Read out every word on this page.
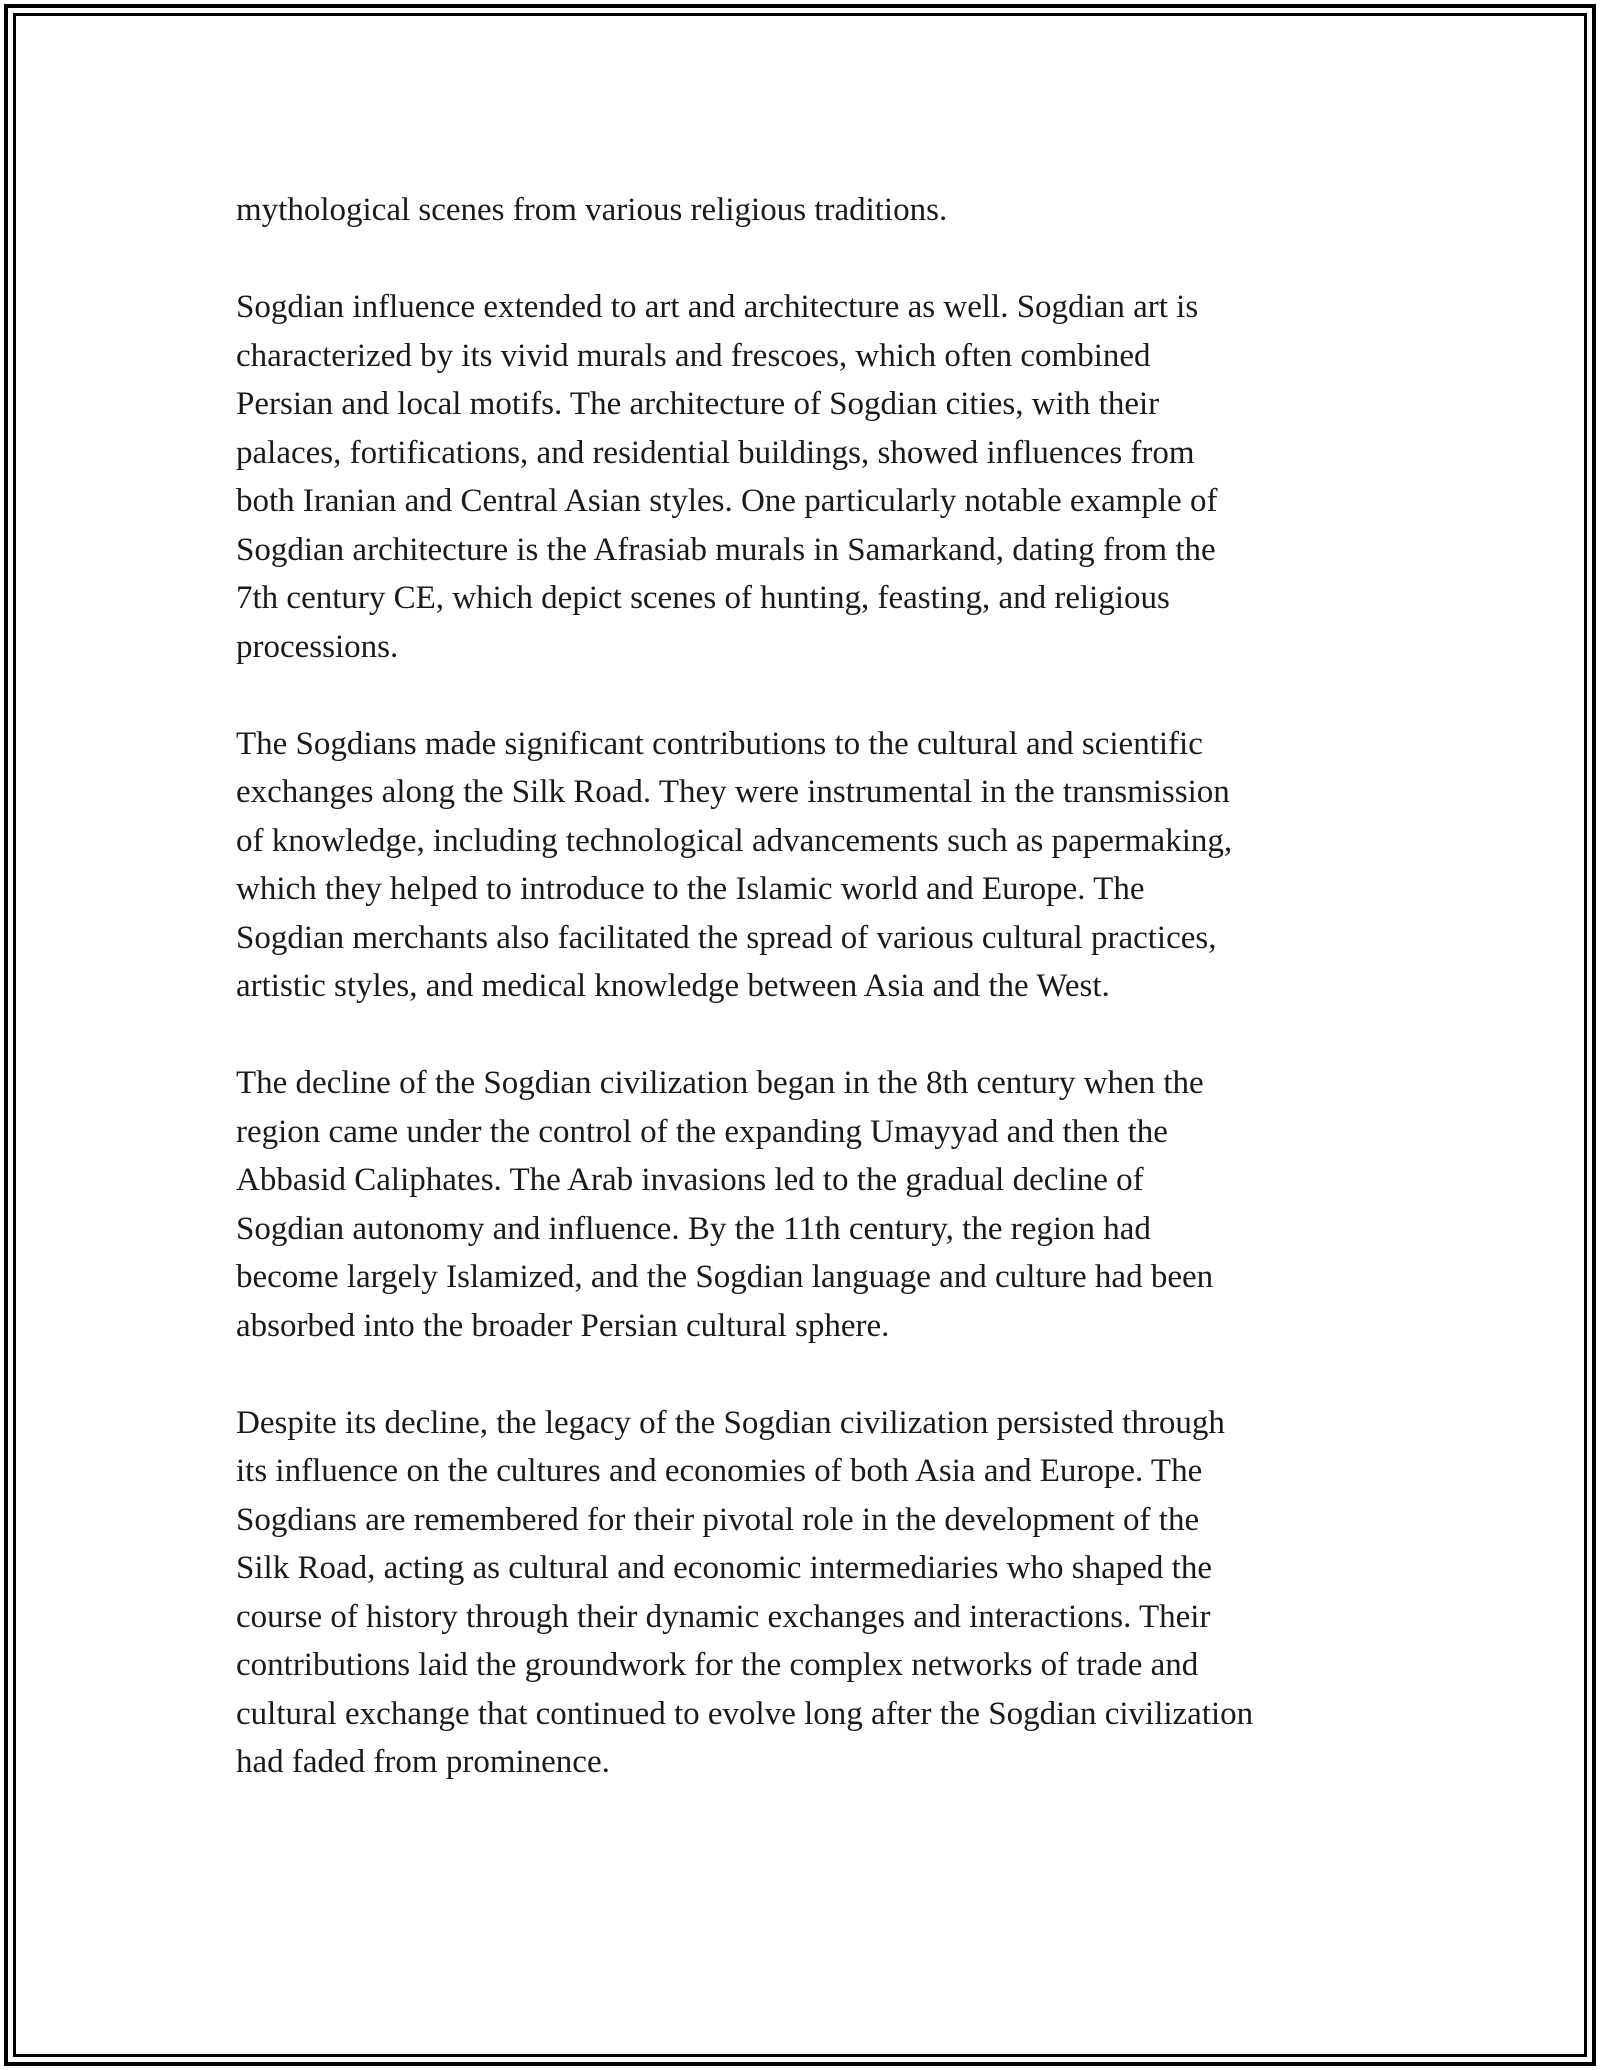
mythological scenes from various religious traditions.

Sogdian influence extended to art and architecture as well. Sogdian art is
characterized by its vivid murals and frescoes, which often combined
Persian and local motifs. The architecture of Sogdian cities, with their
palaces, fortifications, and residential buildings, showed influences from
both Iranian and Central Asian styles. One particularly notable example of
Sogdian architecture is the Afrasiab murals in Samarkand, dating from the
7th century CE, which depict scenes of hunting, feasting, and religious
processions.

The Sogdians made significant contributions to the cultural and scientific
exchanges along the Silk Road. They were instrumental in the transmission
of knowledge, including technological advancements such as papermaking,
which they helped to introduce to the Islamic world and Europe. The
Sogdian merchants also facilitated the spread of various cultural practices,
artistic styles, and medical knowledge between Asia and the West.

The decline of the Sogdian civilization began in the 8th century when the
region came under the control of the expanding Umayyad and then the
Abbasid Caliphates. The Arab invasions led to the gradual decline of
Sogdian autonomy and influence. By the 11th century, the region had
become largely Islamized, and the Sogdian language and culture had been
absorbed into the broader Persian cultural sphere.

Despite its decline, the legacy of the Sogdian civilization persisted through
its influence on the cultures and economies of both Asia and Europe. The
Sogdians are remembered for their pivotal role in the development of the
Silk Road, acting as cultural and economic intermediaries who shaped the
course of history through their dynamic exchanges and interactions. Their
contributions laid the groundwork for the complex networks of trade and
cultural exchange that continued to evolve long after the Sogdian civilization
had faded from prominence.
